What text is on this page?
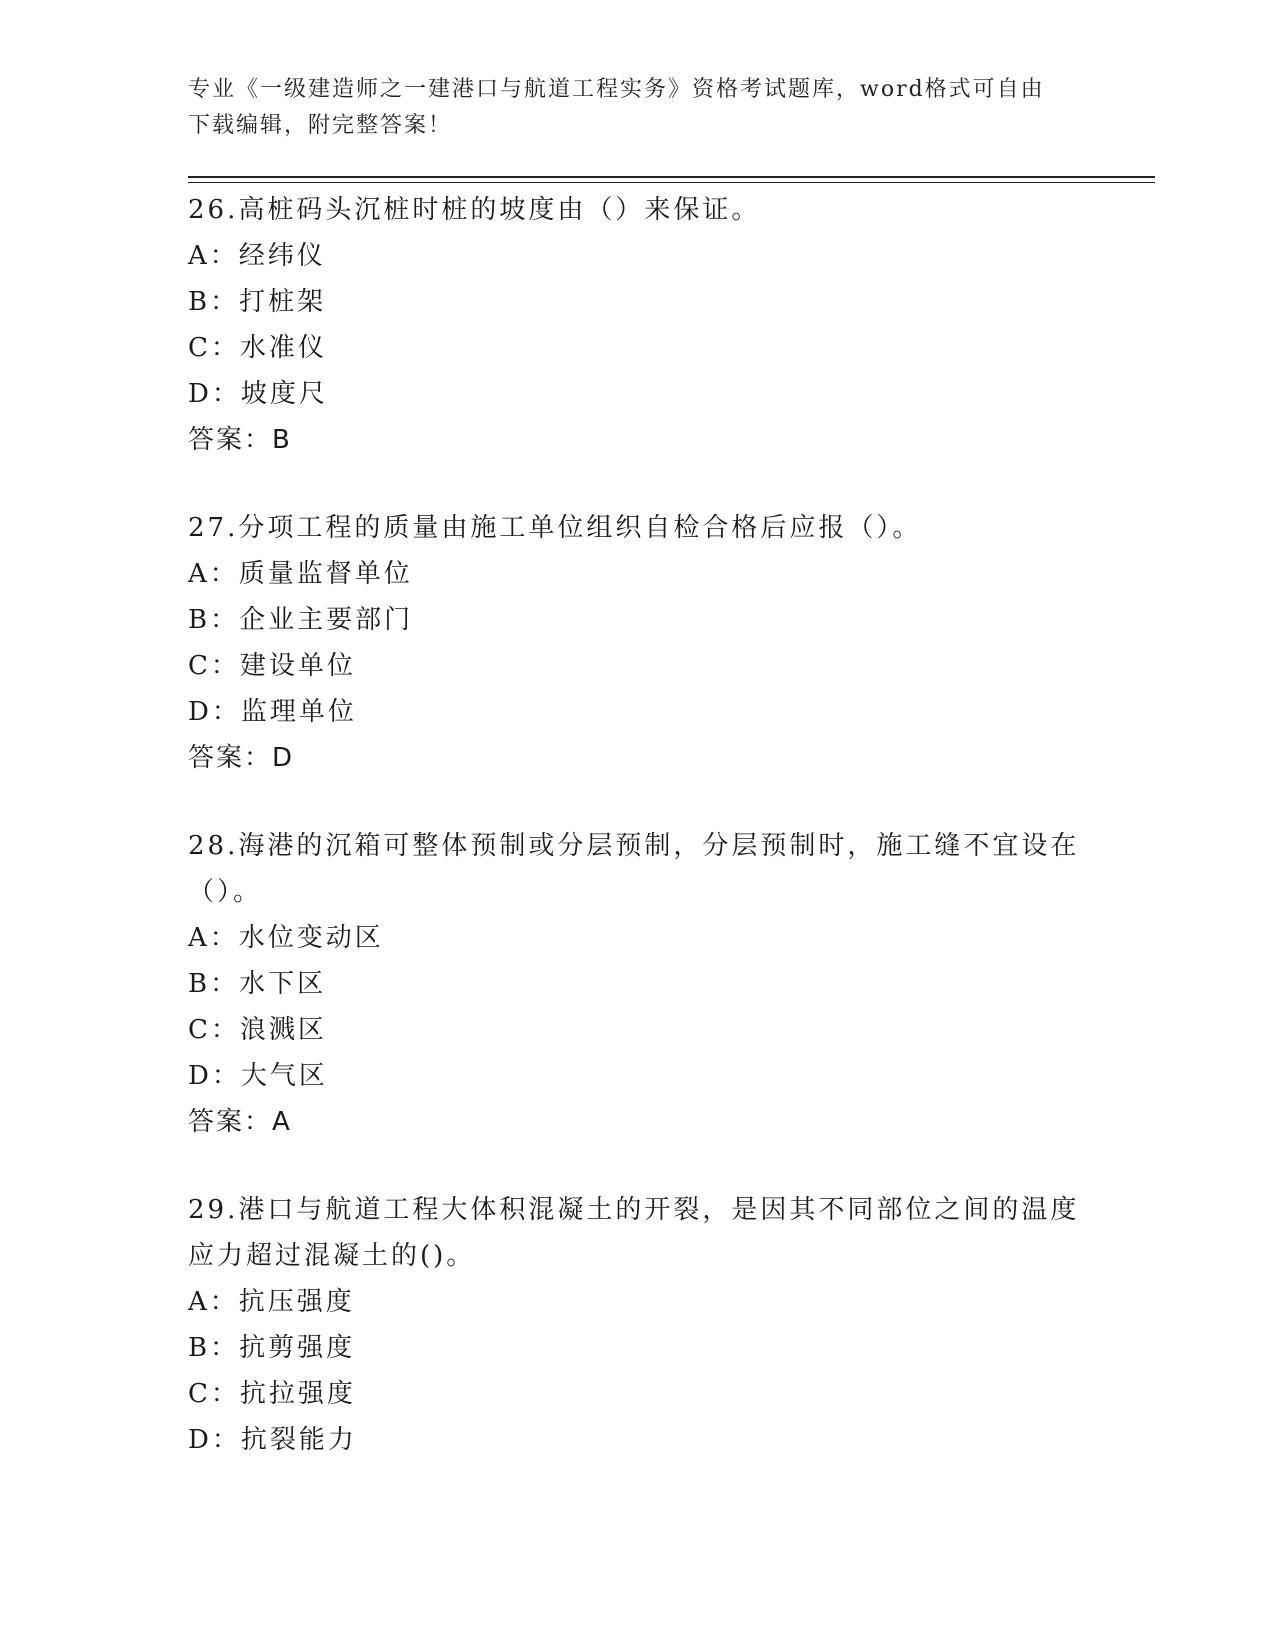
专业《一级建造师之一建港口与航道工程实务》资格考试题库，word格式可自由
下载编辑，附完整答案！

26.高桩码头沉桩时桩的坡度由（）来保证。

A：经纬仪

B：打桩架

C：水准仪

D：坡度尺

答案：B

27.分项工程的质量由施工单位组织自检合格后应报（）。

A：质量监督单位

B：企业主要部门

C：建设单位

D：监理单位

答案：D

28.海港的沉箱可整体预制或分层预制，分层预制时，施工缝不宜设在（）。

A：水位变动区

B：水下区

C：浪溅区

D：大气区

答案：A

29.港口与航道工程大体积混凝土的开裂，是因其不同部位之间的温度应力超过混凝土的()。

A：抗压强度

B：抗剪强度

C：抗拉强度

D：抗裂能力
